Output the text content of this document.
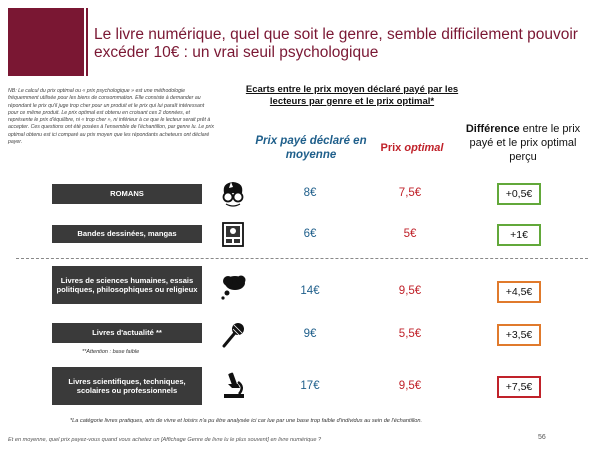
Le livre numérique, quel que soit le genre, semble difficilement pouvoir excéder 10€ : un vrai seuil psychologique
NB: Le calcul du prix optimal ou « prix psychologique » est une méthodologie fréquemment utilisée pour les biens de consommation. Elle consiste à demander au répondant le prix qu'il juge trop cher pour un produit et le prix qui lui paraît intéressant pour ce même produit. Le prix optimal est obtenu en croisant ces 2 données, et représente le prix d'équilibre, ni « trop cher », ni inférieur à ce que le lecteur serait prêt à accepter. Ces questions ont été posées à l'ensemble de l'échantillon, par genre lu. Le prix optimal obtenu est ici comparé au prix moyen que les répondants acheteurs ont déclaré payer.
Ecarts entre le prix moyen déclaré payé par les lecteurs par genre et le prix optimal*
Prix payé déclaré en moyenne
Prix optimal
Différence entre le prix payé et le prix optimal perçu
ROMANS	8€	7,5€	+0,5€
Bandes dessinées, mangas	6€	5€	+1€
Livres de sciences humaines, essais politiques, philosophiques ou religieux	14€	9,5€	+4,5€
Livres d'actualité **	9€	5,5€	+3,5€
**Attention : base faible
Livres scientifiques, techniques, scolaires ou professionnels	17€	9,5€	+7,5€
*La catégorie livres pratiques, arts de vivre et loisirs n'a pu être analysée ici car lue par une base trop faible d'individus au sein de l'échantillon.
Et en moyenne, quel prix payez-vous quand vous achetez un [Affichage Genre de livre lu le plus souvent] en livre numérique ?	56
